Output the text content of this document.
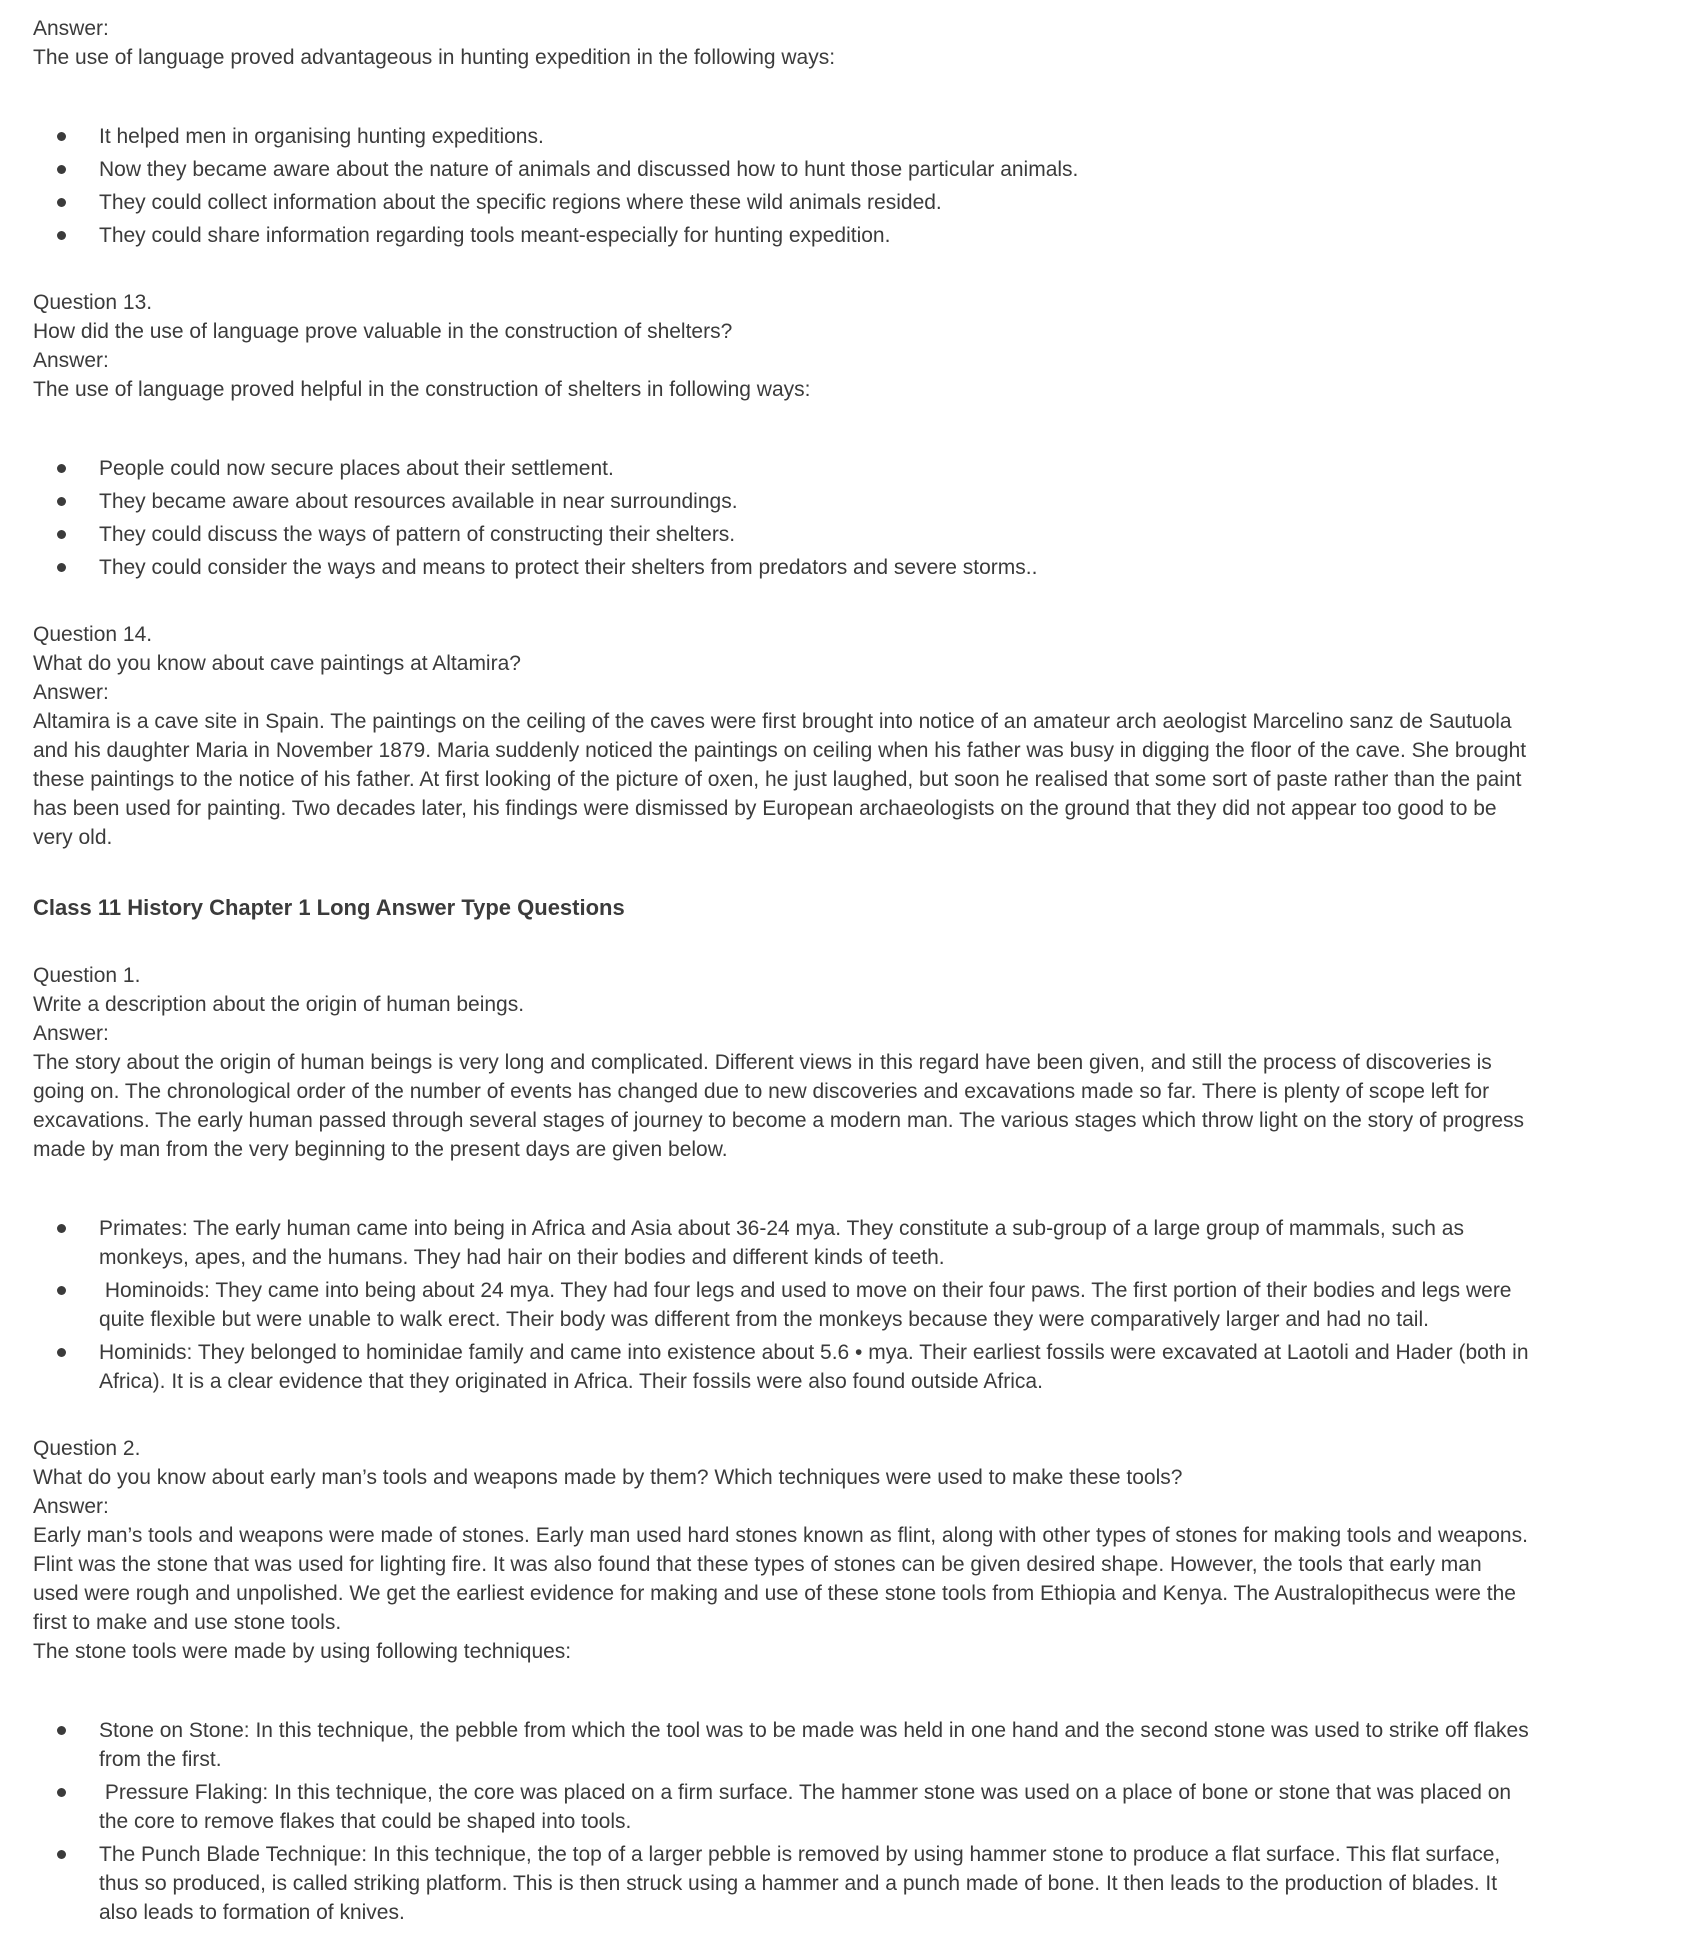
Answer:

The use of language proved advantageous in hunting expedition in the following ways:

It helped men in organising hunting expeditions.
Now they became aware about the nature of animals and discussed how to hunt those particular animals.
They could collect information about the specific regions where these wild animals resided.
They could share information regarding tools meant-especially for hunting expedition.

Question 13.

How did the use of language prove valuable in the construction of shelters?

Answer:

The use of language proved helpful in the construction of shelters in following ways:

People could now secure places about their settlement.
They became aware about resources available in near surroundings.
They could discuss the ways of pattern of constructing their shelters.
They could consider the ways and means to protect their shelters from predators and severe storms..

Question 14.

What do you know about cave paintings at Altamira?

Answer:

Altamira is a cave site in Spain. The paintings on the ceiling of the caves were first brought into notice of an amateur arch aeologist Marcelino sanz de Sautuola and his daughter Maria in November 1879. Maria suddenly noticed the paintings on ceiling when his father was busy in digging the floor of the cave. She brought these paintings to the notice of his father. At first looking of the picture of oxen, he just laughed, but soon he realised that some sort of paste rather than the paint has been used for painting. Two decades later, his findings were dismissed by European archaeologists on the ground that they did not appear too good to be very old.

Class 11 History Chapter 1 Long Answer Type Questions

Question 1.

Write a description about the origin of human beings.

Answer:

The story about the origin of human beings is very long and complicated. Different views in this regard have been given, and still the process of discoveries is going on. The chronological order of the number of events has changed due to new discoveries and excavations made so far. There is plenty of scope left for excavations. The early human passed through several stages of journey to become a modern man. The various stages which throw light on the story of progress made by man from the very beginning to the present days are given below.

Primates: The early human came into being in Africa and Asia about 36-24 mya. They constitute a sub-group of a large group of mammals, such as monkeys, apes, and the humans. They had hair on their bodies and different kinds of teeth.
Hominoids: They came into being about 24 mya. They had four legs and used to move on their four paws. The first portion of their bodies and legs were quite flexible but were unable to walk erect. Their body was different from the monkeys because they were comparatively larger and had no tail.
Hominids: They belonged to hominidae family and came into existence about 5.6 • mya. Their earliest fossils were excavated at Laotoli and Hader (both in Africa). It is a clear evidence that they originated in Africa. Their fossils were also found outside Africa.

Question 2.

What do you know about early man’s tools and weapons made by them? Which techniques were used to make these tools?

Answer:

Early man’s tools and weapons were made of stones. Early man used hard stones known as flint, along with other types of stones for making tools and weapons. Flint was the stone that was used for lighting fire. It was also found that these types of stones can be given desired shape. However, the tools that early man used were rough and unpolished. We get the earliest evidence for making and use of these stone tools from Ethiopia and Kenya. The Australopithecus were the first to make and use stone tools.

The stone tools were made by using following techniques:

Stone on Stone: In this technique, the pebble from which the tool was to be made was held in one hand and the second stone was used to strike off flakes from the first.
Pressure Flaking: In this technique, the core was placed on a firm surface. The hammer stone was used on a place of bone or stone that was placed on the core to remove flakes that could be shaped into tools.
The Punch Blade Technique: In this technique, the top of a larger pebble is removed by using hammer stone to produce a flat surface. This flat surface, thus so produced, is called striking platform. This is then struck using a hammer and a punch made of bone. It then leads to the production of blades. It also leads to formation of knives.
